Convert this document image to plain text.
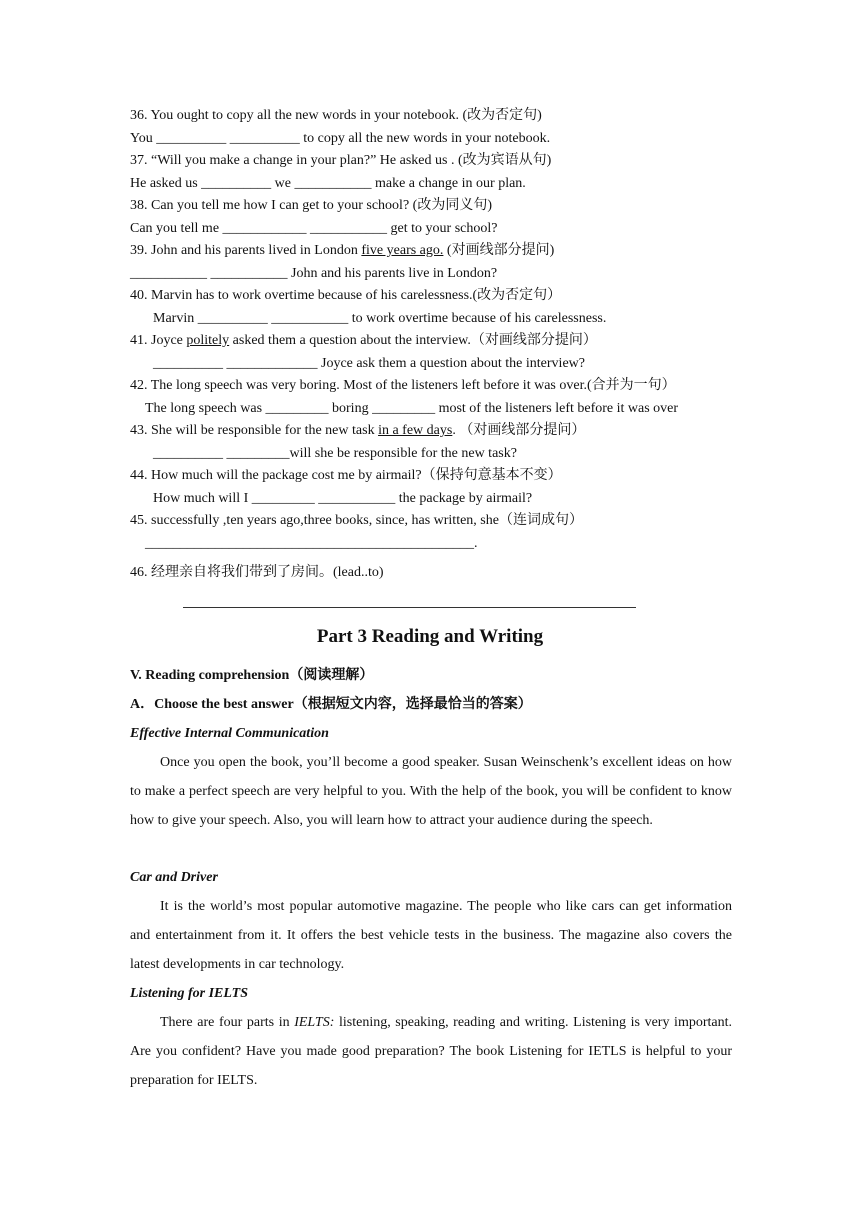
36. You ought to copy all the new words in your notebook. (改为否定句)
You __________ __________ to copy all the new words in your notebook.
37. “Will you make a change in your plan?” He asked us . (改为宾语从句)
He asked us __________ we ___________ make a change in our plan.
38. Can you tell me how I can get to your school? (改为同义句)
Can you tell me ____________ ___________ get to your school?
39. John and his parents lived in London five years ago. (对画线部分提问)
___________ ___________ John and his parents live in London?
40. Marvin has to work overtime because of his carelessness.(改为否定句）
Marvin __________ ___________ to work overtime because of his carelessness.
41. Joyce politely asked them a question about the interview.（对画线部分提问）
__________ _____________ Joyce ask them a question about the interview?
42. The long speech was very boring. Most of the listeners left before it was over.(合并为一句）
The long speech was _________ boring _________ most of the listeners left before it was over
43. She will be responsible for the new task in a few days. （对画线部分提问）
__________ _________will she be responsible for the new task?
44. How much will the package cost me by airmail?（保持句意基本不变）
How much will I _________ ___________ the package by airmail?
45. successfully ,ten years ago,three books, since, has written, she（连词成句）
_______________________________________________.
46. 经理亲自将我们带到了房间。(lead..to)
Part 3 Reading and Writing
V. Reading comprehension（阅读理解）
A．Choose the best answer（根据短文内容，选择最恰当的答案）
Effective Internal Communication

Once you open the book, you’ll become a good speaker. Susan Weinschenk’s excellent ideas on how to make a perfect speech are very helpful to you. With the help of the book, you will be confident to know how to give your speech. Also, you will learn how to attract your audience during the speech.

Car and Driver

It is the world’s most popular automotive magazine. The people who like cars can get information and entertainment from it. It offers the best vehicle tests in the business. The magazine also covers the latest developments in car technology.

Listening for IELTS

There are four parts in IELTS: listening, speaking, reading and writing. Listening is very important. Are you confident? Have you made good preparation? The book Listening for IETLS is helpful to your preparation for IELTS.
